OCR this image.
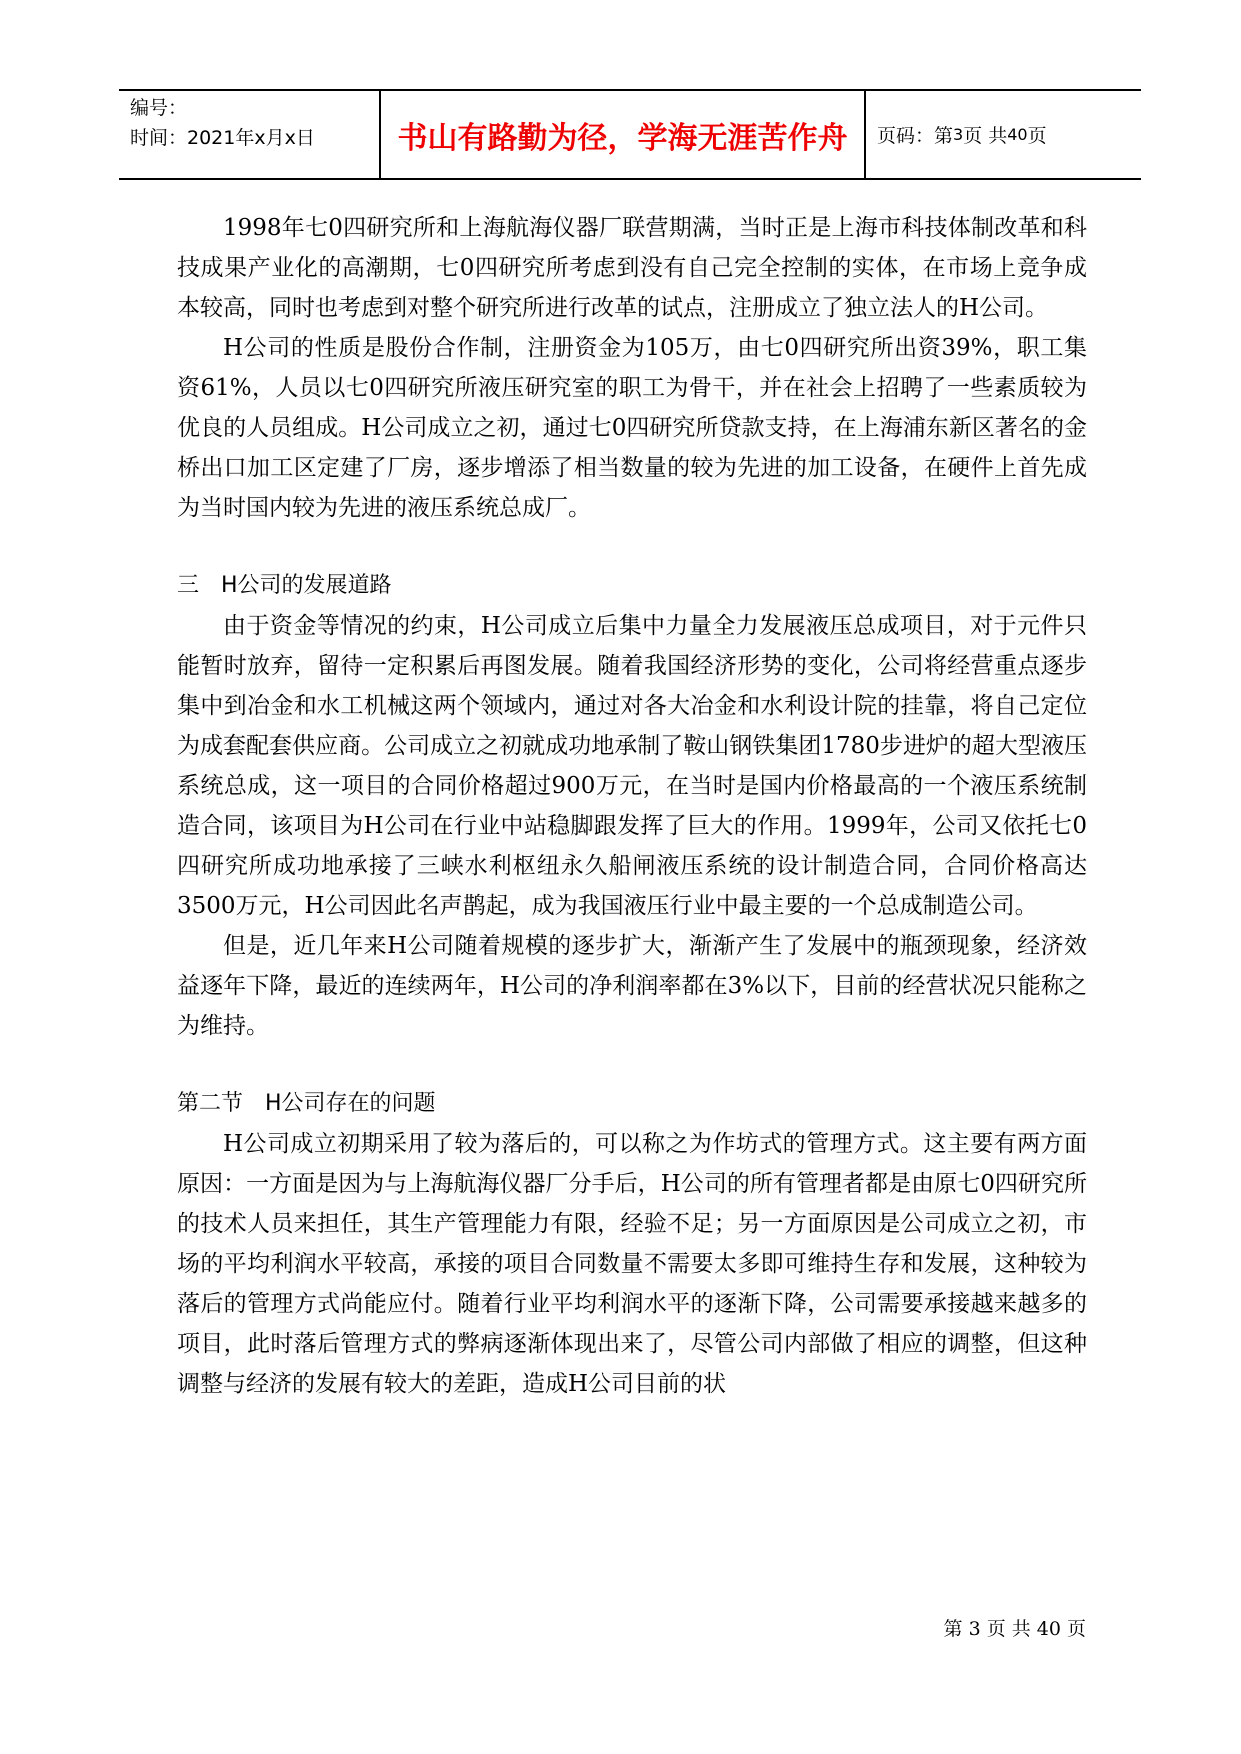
编号：
时间：2021年x月x日	书山有路勤为径，学海无涯苦作舟	页码：第 3 页 共 40 页

1998年七0四研究所和上海航海仪器厂联营期满，当时正是上海市科技体制改革和科技成果产业化的高潮期，七0四研究所考虑到没有自己完全控制的实体，在市场上竞争成本较高，同时也考虑到对整个研究所进行改革的试点，注册成立了独立法人的H公司。

H公司的性质是股份合作制，注册资金为105万，由七0四研究所出资39%，职工集资61%，人员以七0四研究所液压研究室的职工为骨干，并在社会上招聘了一些素质较为优良的人员组成。H公司成立之初，通过七0四研究所贷款支持，在上海浦东新区著名的金桥出口加工区定建了厂房，逐步增添了相当数量的较为先进的加工设备，在硬件上首先成为当时国内较为先进的液压系统总成厂。

三　H公司的发展道路

由于资金等情况的约束，H公司成立后集中力量全力发展液压总成项目，对于元件只能暂时放弃，留待一定积累后再图发展。随着我国经济形势的变化，公司将经营重点逐步集中到冶金和水工机械这两个领域内，通过对各大冶金和水利设计院的挂靠，将自己定位为成套配套供应商。公司成立之初就成功地承制了鞍山钢铁集团1780步进炉的超大型液压系统总成，这一项目的合同价格超过900万元，在当时是国内价格最高的一个液压系统制造合同，该项目为H公司在行业中站稳脚跟发挥了巨大的作用。1999年，公司又依托七0四研究所成功地承接了三峡水利枢纽永久船闸液压系统的设计制造合同，合同价格高达3500万元，H公司因此名声鹊起，成为我国液压行业中最主要的一个总成制造公司。

但是，近几年来H公司随着规模的逐步扩大，渐渐产生了发展中的瓶颈现象，经济效益逐年下降，最近的连续两年，H公司的净利润率都在3%以下，目前的经营状况只能称之为维持。

第二节　H公司存在的问题

H公司成立初期采用了较为落后的，可以称之为作坊式的管理方式。这主要有两方面原因：一方面是因为与上海航海仪器厂分手后，H公司的所有管理者都是由原七0四研究所的技术人员来担任，其生产管理能力有限，经验不足；另一方面原因是公司成立之初，市场的平均利润水平较高，承接的项目合同数量不需要太多即可维持生存和发展，这种较为落后的管理方式尚能应付。随着行业平均利润水平的逐渐下降，公司需要承接越来越多的项目，此时落后管理方式的弊病逐渐体现出来了，尽管公司内部做了相应的调整，但这种调整与经济的发展有较大的差距，造成H公司目前的状

第 3 页 共 40 页
